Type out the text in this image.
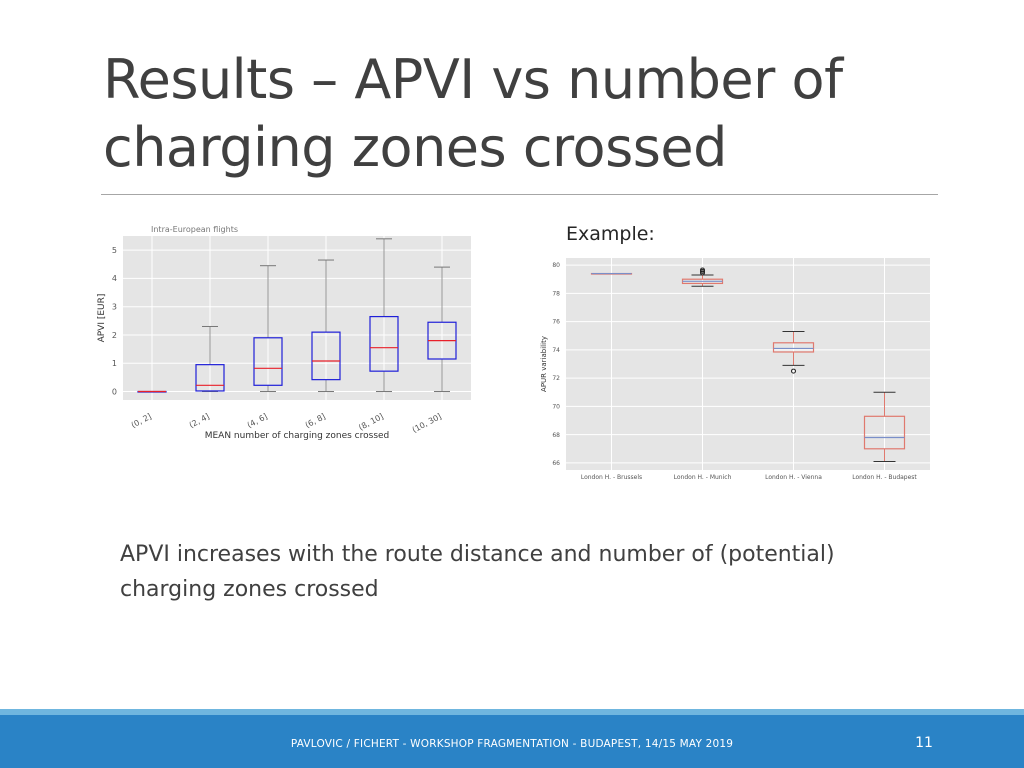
Results – APVI vs number of charging zones crossed
Example:
0
1
2
3
4
5
(0, 2]	(2, 4]	(4, 6]	(6, 8]	(8, 10]	(10, 30]
Intra-European flights
MEAN number of charging zones crossed
APVI [EUR]
66
68
70
72
74
76
78
80
London H. - Brussels	London H. - Munich	London H. - Vienna	London H. - Budapest
APUR variability
APVI increases with the route distance and number of (potential) charging zones crossed
PAVLOVIC / FICHERT - WORKSHOP FRAGMENTATION - BUDAPEST, 14/15 MAY 2019	11
